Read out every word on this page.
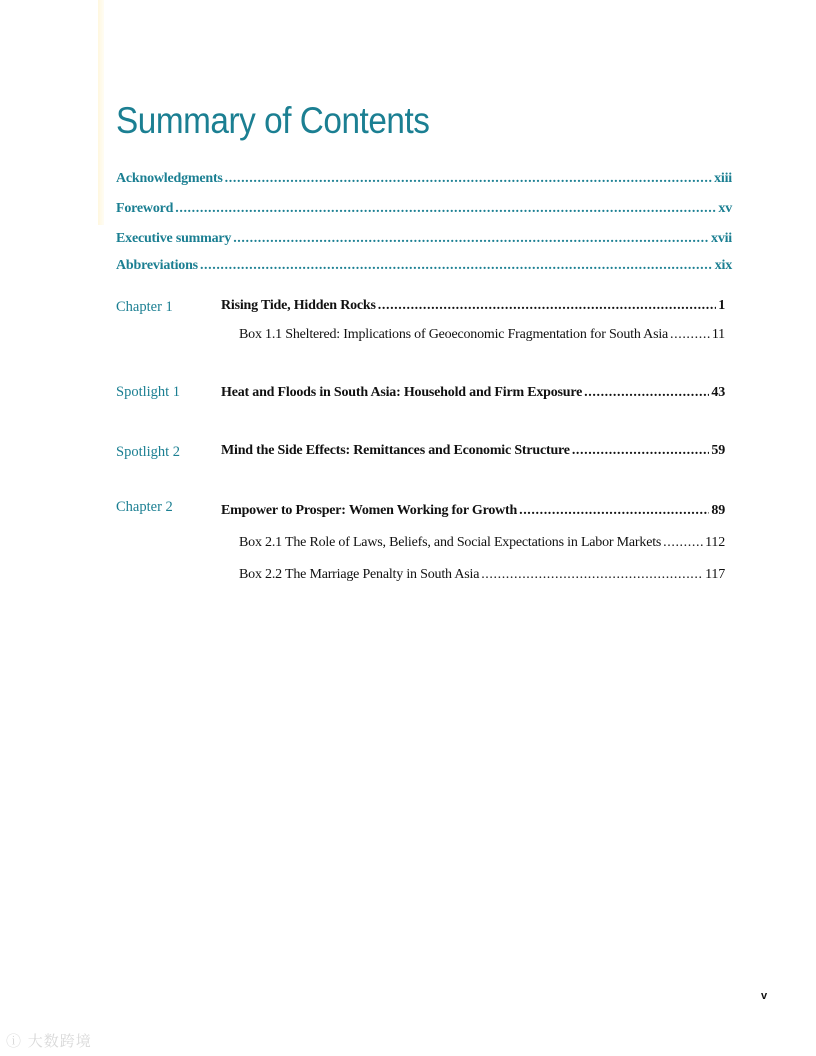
Summary of Contents
Acknowledgments .....	xiii
Foreword .....	xv
Executive summary .....	xvii
Abbreviations .....	xix
Chapter 1	Rising Tide, Hidden Rocks .....	1
Box 1.1 Sheltered: Implications of Geoeconomic Fragmentation for South Asia .....	11
Spotlight 1	Heat and Floods in South Asia: Household and Firm Exposure .....	43
Spotlight 2	Mind the Side Effects: Remittances and Economic Structure .....	59
Chapter 2	Empower to Prosper: Women Working for Growth .....	89
Box 2.1 The Role of Laws, Beliefs, and Social Expectations in Labor Markets .....	112
Box 2.2 The Marriage Penalty in South Asia .....	117
v
ⓘ 大数跨境
